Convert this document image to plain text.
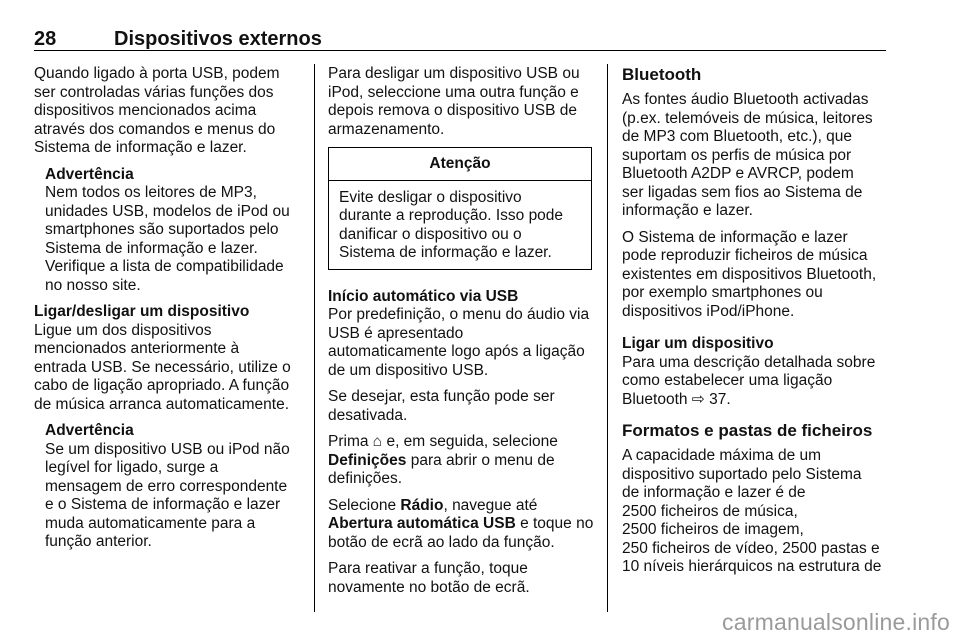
28	Dispositivos externos

Quando ligado à porta USB, podem
ser controladas várias funções dos
dispositivos mencionados acima
através dos comandos e menus do
Sistema de informação e lazer.

Advertência
Nem todos os leitores de MP3,
unidades USB, modelos de iPod ou
smartphones são suportados pelo
Sistema de informação e lazer.
Verifique a lista de compatibilidade
no nosso site.
Ligar/desligar um dispositivo

Ligue um dos dispositivos
mencionados anteriormente à
entrada USB. Se necessário, utilize o
cabo de ligação apropriado. A função
de música arranca automaticamente.

Advertência
Se um dispositivo USB ou iPod não
legível for ligado, surge a
mensagem de erro correspondente
e o Sistema de informação e lazer
muda automaticamente para a
função anterior.

Para desligar um dispositivo USB ou
iPod, seleccione uma outra função e
depois remova o dispositivo USB de
armazenamento.

Atenção
Evite desligar o dispositivo
durante a reprodução. Isso pode
danificar o dispositivo ou o
Sistema de informação e lazer.
Início automático via USB

Por predefinição, o menu do áudio via
USB é apresentado
automaticamente logo após a ligação
de um dispositivo USB.

Se desejar, esta função pode ser
desativada.

Prima ⌂ e, em seguida, selecione
Definições para abrir o menu de
definições.

Selecione Rádio, navegue até
Abertura automática USB e toque no
botão de ecrã ao lado da função.

Para reativar a função, toque
novamente no botão de ecrã.

Bluetooth

As fontes áudio Bluetooth activadas
(p.ex. telemóveis de música, leitores
de MP3 com Bluetooth, etc.), que
suportam os perfis de música por
Bluetooth A2DP e AVRCP, podem
ser ligadas sem fios ao Sistema de
informação e lazer.

O Sistema de informação e lazer
pode reproduzir ficheiros de música
existentes em dispositivos Bluetooth,
por exemplo smartphones ou
dispositivos iPod/iPhone.

Ligar um dispositivo

Para uma descrição detalhada sobre
como estabelecer uma ligação
Bluetooth ⇨ 37.

Formatos e pastas de ficheiros

A capacidade máxima de um
dispositivo suportado pelo Sistema
de informação e lazer é de
2500 ficheiros de música,
2500 ficheiros de imagem,
250 ficheiros de vídeo, 2500 pastas e
10 níveis hierárquicos na estrutura de

carmanualsonline.info
